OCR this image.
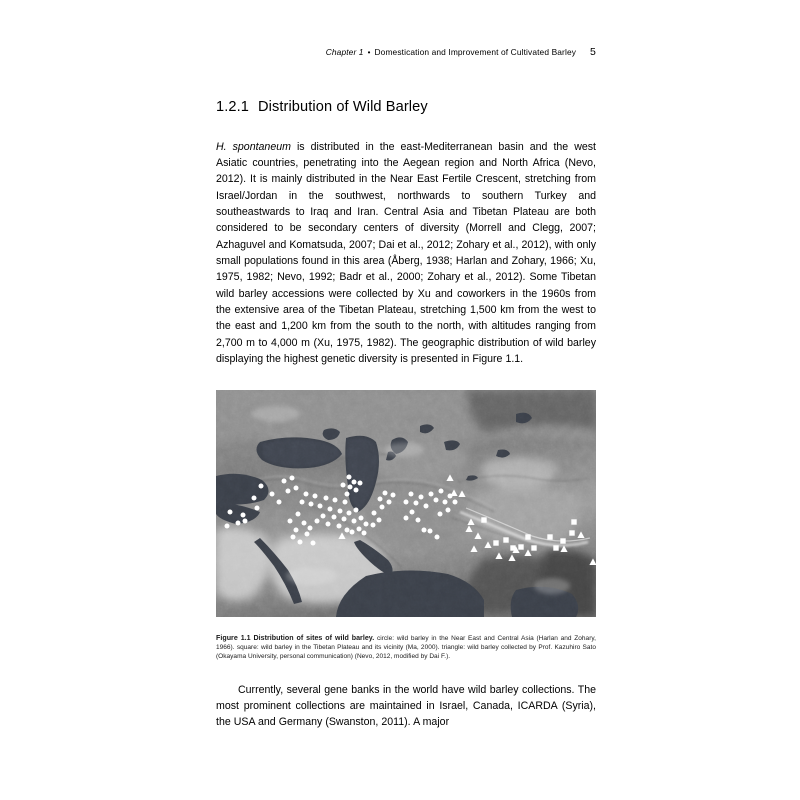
Chapter 1 • Domestication and Improvement of Cultivated Barley 5
1.2.1 Distribution of Wild Barley

H. spontaneum is distributed in the east-Mediterranean basin and the west Asiatic countries, penetrating into the Aegean region and North Africa (Nevo, 2012). It is mainly distributed in the Near East Fertile Crescent, stretching from Israel/Jordan in the southwest, northwards to southern Turkey and southeastwards to Iraq and Iran. Central Asia and Tibetan Plateau are both considered to be secondary centers of diversity (Morrell and Clegg, 2007; Azhaguvel and Komatsuda, 2007; Dai et al., 2012; Zohary et al., 2012), with only small populations found in this area (Åberg, 1938; Harlan and Zohary, 1966; Xu, 1975, 1982; Nevo, 1992; Badr et al., 2000; Zohary et al., 2012). Some Tibetan wild barley accessions were collected by Xu and coworkers in the 1960s from the extensive area of the Tibetan Plateau, stretching 1,500 km from the west to the east and 1,200 km from the south to the north, with altitudes ranging from 2,700 m to 4,000 m (Xu, 1975, 1982). The geographic distribution of wild barley displaying the highest genetic diversity is presented in Figure 1.1.

Figure 1.1 Distribution of sites of wild barley. circle: wild barley in the Near East and Central Asia (Harlan and Zohary, 1966). square: wild barley in the Tibetan Plateau and its vicinity (Ma, 2000). triangle: wild barley collected by Prof. Kazuhiro Sato (Okayama University, personal communication) (Nevo, 2012, modified by Dai F.).

Currently, several gene banks in the world have wild barley collections. The most prominent collections are maintained in Israel, Canada, ICARDA (Syria), the USA and Germany (Swanston, 2011). A major
